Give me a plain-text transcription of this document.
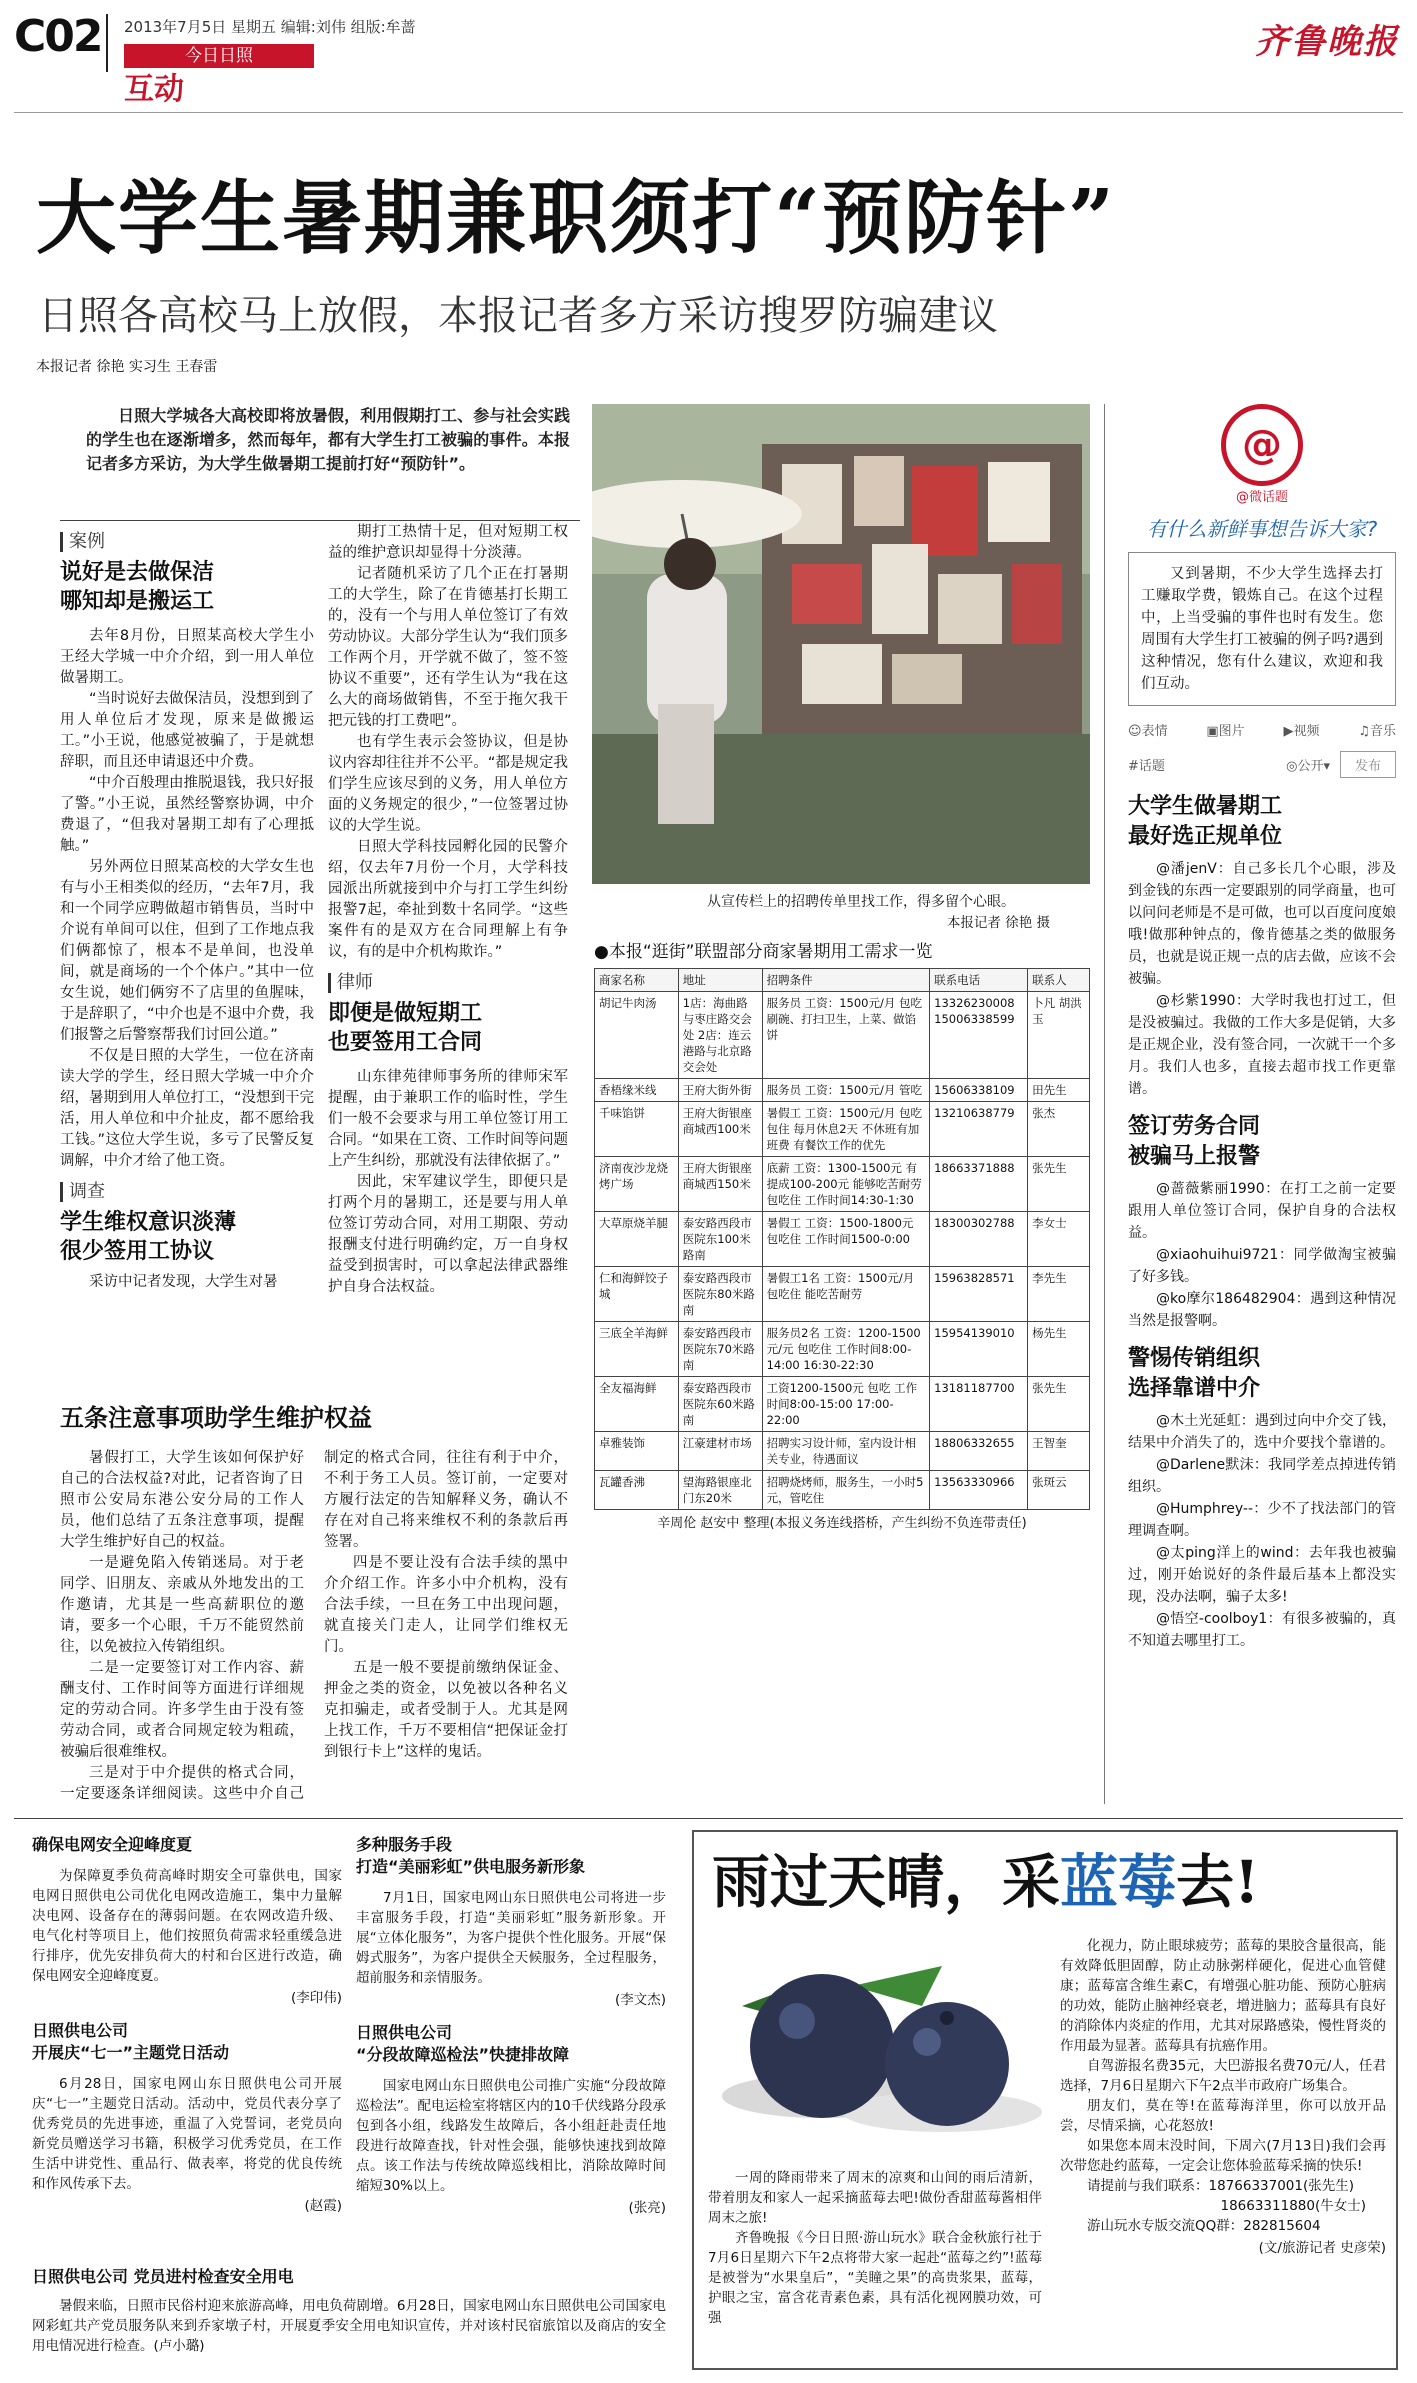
C02 2013年7月5日 星期五 编辑:刘伟 组版:牟蔷
今日日照
互动
齐鲁晚报
大学生暑期兼职须打“预防针”
日照各高校马上放假，本报记者多方采访搜罗防骗建议
本报记者 徐艳 实习生 王春雷
日照大学城各大高校即将放暑假，利用假期打工、参与社会实践的学生也在逐渐增多，然而每年，都有大学生打工被骗的事件。本报记者多方采访，为大学生做暑期工提前打好“预防针”。
案例
说好是去做保洁
哪知却是搬运工

去年8月份，日照某高校大学生小王经大学城一中介介绍，到一用人单位做暑期工。

“当时说好去做保洁员，没想到到了用人单位后才发现，原来是做搬运工。”小王说，他感觉被骗了，于是就想辞职，而且还申请退还中介费。

“中介百般理由推脱退钱，我只好报了警。”小王说，虽然经警察协调，中介费退了，“但我对暑期工却有了心理抵触。”

另外两位日照某高校的大学女生也有与小王相类似的经历，“去年7月，我和一个同学应聘做超市销售员，当时中介说有单间可以住，但到了工作地点我们俩都惊了，根本不是单间，也没单间，就是商场的一个个体户。”其中一位女生说，她们俩穷不了店里的鱼腥味，于是辞职了，“中介也是不退中介费，我们报警之后警察帮我们讨回公道。”

不仅是日照的大学生，一位在济南读大学的学生，经日照大学城一中介介绍，暑期到用人单位打工，“没想到干完活，用人单位和中介扯皮，都不愿给我工钱。”这位大学生说，多亏了民警反复调解，中介才给了他工资。

调查
学生维权意识淡薄
很少签用工协议
采访中记者发现，大学生对暑

期打工热情十足，但对短期工权益的维护意识却显得十分淡薄。

记者随机采访了几个正在打暑期工的大学生，除了在肯德基打长期工的，没有一个与用人单位签订了有效劳动协议。大部分学生认为“我们顶多工作两个月，开学就不做了，签不签协议不重要”，还有学生认为“我在这么大的商场做销售，不至于拖欠我干把元钱的打工费吧”。

也有学生表示会签协议，但是协议内容却往往并不公平。“都是规定我们学生应该尽到的义务，用人单位方面的义务规定的很少，”一位签署过协议的大学生说。

日照大学科技园孵化园的民警介绍，仅去年7月份一个月，大学科技园派出所就接到中介与打工学生纠纷报警7起，牵扯到数十名同学。“这些案件有的是双方在合同理解上有争议，有的是中介机构欺诈。”

律师
即便是做短期工
也要签用工合同

山东律苑律师事务所的律师宋军提醒，由于兼职工作的临时性，学生们一般不会要求与用工单位签订用工合同。“如果在工资、工作时间等问题上产生纠纷，那就没有法律依据了。”

因此，宋军建议学生，即便只是打两个月的暑期工，还是要与用人单位签订劳动合同，对用工期限、劳动报酬支付进行明确约定，万一自身权益受到损害时，可以拿起法律武器维护自身合法权益。

从宣传栏上的招聘传单里找工作，得多留个心眼。
本报记者 徐艳 摄
●本报“逛街”联盟部分商家暑期用工需求一览
商家名称	地址	招聘条件	联系电话	联系人
胡记牛肉汤	1店：海曲路与枣庄路交会处 2店：连云港路与北京路交会处	服务员 工资：1500元/月 包吃 刷碗、打扫卫生，上菜、做馅饼	13326230008 15006338599	卜凡 胡洪玉
香梧缘米线	王府大街外街	服务员 工资：1500元/月 管吃	15606338109	田先生
千味馅饼	王府大街银座商城西100米	暑假工 工资：1500元/月 包吃包住 每月休息2天 不休班有加班费 有餐饮工作的优先	13210638779	张杰
济南夜沙龙烧烤广场	王府大街银座商城西150米	底薪 工资：1300-1500元 有提成100-200元 能够吃苦耐劳 包吃住 工作时间14:30-1:30	18663371888	张先生
大草原烧羊腿	泰安路西段市医院东100米路南	暑假工 工资：1500-1800元 包吃住 工作时间1500-0:00	18300302788	李女士
仁和海鲜饺子城	泰安路西段市医院东80米路南	暑假工1名 工资：1500元/月 包吃住 能吃苦耐劳	15963828571	李先生
三底全羊海鲜	泰安路西段市医院东70米路南	服务员2名 工资：1200-1500元/元 包吃住 工作时间8:00-14:00 16:30-22:30	15954139010	杨先生
全友福海鲜	泰安路西段市医院东60米路南	工资1200-1500元 包吃 工作时间8:00-15:00 17:00-22:00	13181187700	张先生
卓雅装饰	江豪建材市场	招聘实习设计师，室内设计相关专业，待遇面议	18806332655	王智奎
瓦罐香沸	望海路银座北门东20米	招聘烧烤师，服务生，一小时5元，管吃住	13563330966	张斑云
辛周伦 赵安中 整理(本报义务连线搭桥，产生纠纷不负连带责任)
五条注意事项助学生维护权益

暑假打工，大学生该如何保护好自己的合法权益?对此，记者咨询了日照市公安局东港公安分局的工作人员，他们总结了五条注意事项，提醒大学生维护好自己的权益。

一是避免陷入传销迷局。对于老同学、旧朋友、亲戚从外地发出的工作邀请，尤其是一些高薪职位的邀请，要多一个心眼，千万不能贸然前往，以免被拉入传销组织。

二是一定要签订对工作内容、薪酬支付、工作时间等方面进行详细规定的劳动合同。许多学生由于没有签劳动合同，或者合同规定较为粗疏，被骗后很难维权。

三是对于中介提供的格式合同，一定要逐条详细阅读。这些中介自己制定的格式合同，往往有利于中介，不利于务工人员。签订前，一定要对方履行法定的告知解释义务，确认不存在对自己将来维权不利的条款后再签署。

四是不要让没有合法手续的黑中介介绍工作。许多小中介机构，没有合法手续，一旦在务工中出现问题，就直接关门走人，让同学们维权无门。

五是一般不要提前缴纳保证金、押金之类的资金，以免被以各种名义克扣骗走，或者受制于人。尤其是网上找工作，千万不要相信“把保证金打到银行卡上”这样的鬼话。

@
@微话题
有什么新鲜事想告诉大家?
又到暑期，不少大学生选择去打工赚取学费，锻炼自己。在这个过程中，上当受骗的事件也时有发生。您周围有大学生打工被骗的例子吗?遇到这种情况，您有什么建议，欢迎和我们互动。
☺表情	▣图片	▶视频	♫音乐
#话题	◎公开▾	发布
大学生做暑期工
最好选正规单位

@潘jenV：自己多长几个心眼，涉及到金钱的东西一定要跟别的同学商量，也可以问问老师是不是可做，也可以百度问度娘哦!做那种钟点的，像肯德基之类的做服务员，也就是说正规一点的店去做，应该不会被骗。

@杉紫1990：大学时我也打过工，但是没被骗过。我做的工作大多是促销，大多是正规企业，没有签合同，一次就干一个多月。我们人也多，直接去超市找工作更靠谱。

签订劳务合同
被骗马上报警

@蔷薇紫丽1990：在打工之前一定要跟用人单位签订合同，保护自身的合法权益。

@xiaohuihui9721：同学做淘宝被骗了好多钱。

@ko摩尔186482904：遇到这种情况当然是报警啊。

警惕传销组织
选择靠谱中介

@木土光延虹：遇到过向中介交了钱，结果中介消失了的，选中介要找个靠谱的。

@Darlene默沫：我同学差点掉进传销组织。

@Humphrey--：少不了找法部门的管理调查啊。

@太ping洋上的wind：去年我也被骗过，刚开始说好的条件最后基本上都没实现，没办法啊，骗子太多!

@悟空-coolboy1：有很多被骗的，真不知道去哪里打工。

确保电网安全迎峰度夏
为保障夏季负荷高峰时期安全可靠供电，国家电网日照供电公司优化电网改造施工，集中力量解决电网、设备存在的薄弱问题。在农网改造升级、电气化村等项目上，他们按照负荷需求轻重缓急进行排序，优先安排负荷大的村和台区进行改造，确保电网安全迎峰度夏。
(李印伟)
日照供电公司
开展庆“七一”主题党日活动
6月28日，国家电网山东日照供电公司开展庆“七一”主题党日活动。活动中，党员代表分享了优秀党员的先进事迹，重温了入党誓词，老党员向新党员赠送学习书籍，积极学习优秀党员，在工作生活中讲党性、重品行、做表率，将党的优良传统和作风传承下去。
(赵霞)
多种服务手段
打造“美丽彩虹”供电服务新形象
7月1日，国家电网山东日照供电公司将进一步丰富服务手段，打造“美丽彩虹”服务新形象。开展“立体化服务”，为客户提供个性化服务。开展“保姆式服务”，为客户提供全天候服务，全过程服务，超前服务和亲情服务。
(李文杰)
日照供电公司
“分段故障巡检法”快捷排故障
国家电网山东日照供电公司推广实施“分段故障巡检法”。配电运检室将辖区内的10千伏线路分段承包到各小组，线路发生故障后，各小组赶赴责任地段进行故障查找，针对性会强，能够快速找到故障点。该工作法与传统故障巡线相比，消除故障时间缩短30%以上。
(张亮)
日照供电公司 党员进村检查安全用电
暑假来临，日照市民俗村迎来旅游高峰，用电负荷剧增。6月28日，国家电网山东日照供电公司国家电网彩虹共产党员服务队来到乔家墩子村，开展夏季安全用电知识宣传，并对该村民宿旅馆以及商店的安全用电情况进行检查。(卢小璐)
雨过天晴，采蓝莓去!
一周的降雨带来了周末的凉爽和山间的雨后清新，带着朋友和家人一起采摘蓝莓去吧!做份香甜蓝莓酱相伴周末之旅!
齐鲁晚报《今日日照·游山玩水》联合金秋旅行社于7月6日星期六下午2点将带大家一起赴“蓝莓之约”!蓝莓是被誉为“水果皇后”，“美瞳之果”的高贵浆果，蓝莓，护眼之宝，富含花青素色素，具有活化视网膜功效，可强
化视力，防止眼球疲劳；蓝莓的果胶含量很高，能有效降低胆固醇，防止动脉粥样硬化，促进心血管健康；蓝莓富含维生素C，有增强心脏功能、预防心脏病的功效，能防止脑神经衰老，增进脑力；蓝莓具有良好的消除体内炎症的作用，尤其对尿路感染，慢性肾炎的作用最为显著。蓝莓具有抗癌作用。
自驾游报名费35元，大巴游报名费70元/人，任君选择，7月6日星期六下午2点半市政府广场集合。
朋友们，莫在等!在蓝莓海洋里，你可以放开品尝，尽情采摘，心花怒放!
如果您本周末没时间，下周六(7月13日)我们会再次带您赴约蓝莓，一定会让您体验蓝莓采摘的快乐!
请提前与我们联系：18766337001(张先生)
18663311880(牛女士)
游山玩水专版交流QQ群：282815604
(文/旅游记者 史彦荣)
